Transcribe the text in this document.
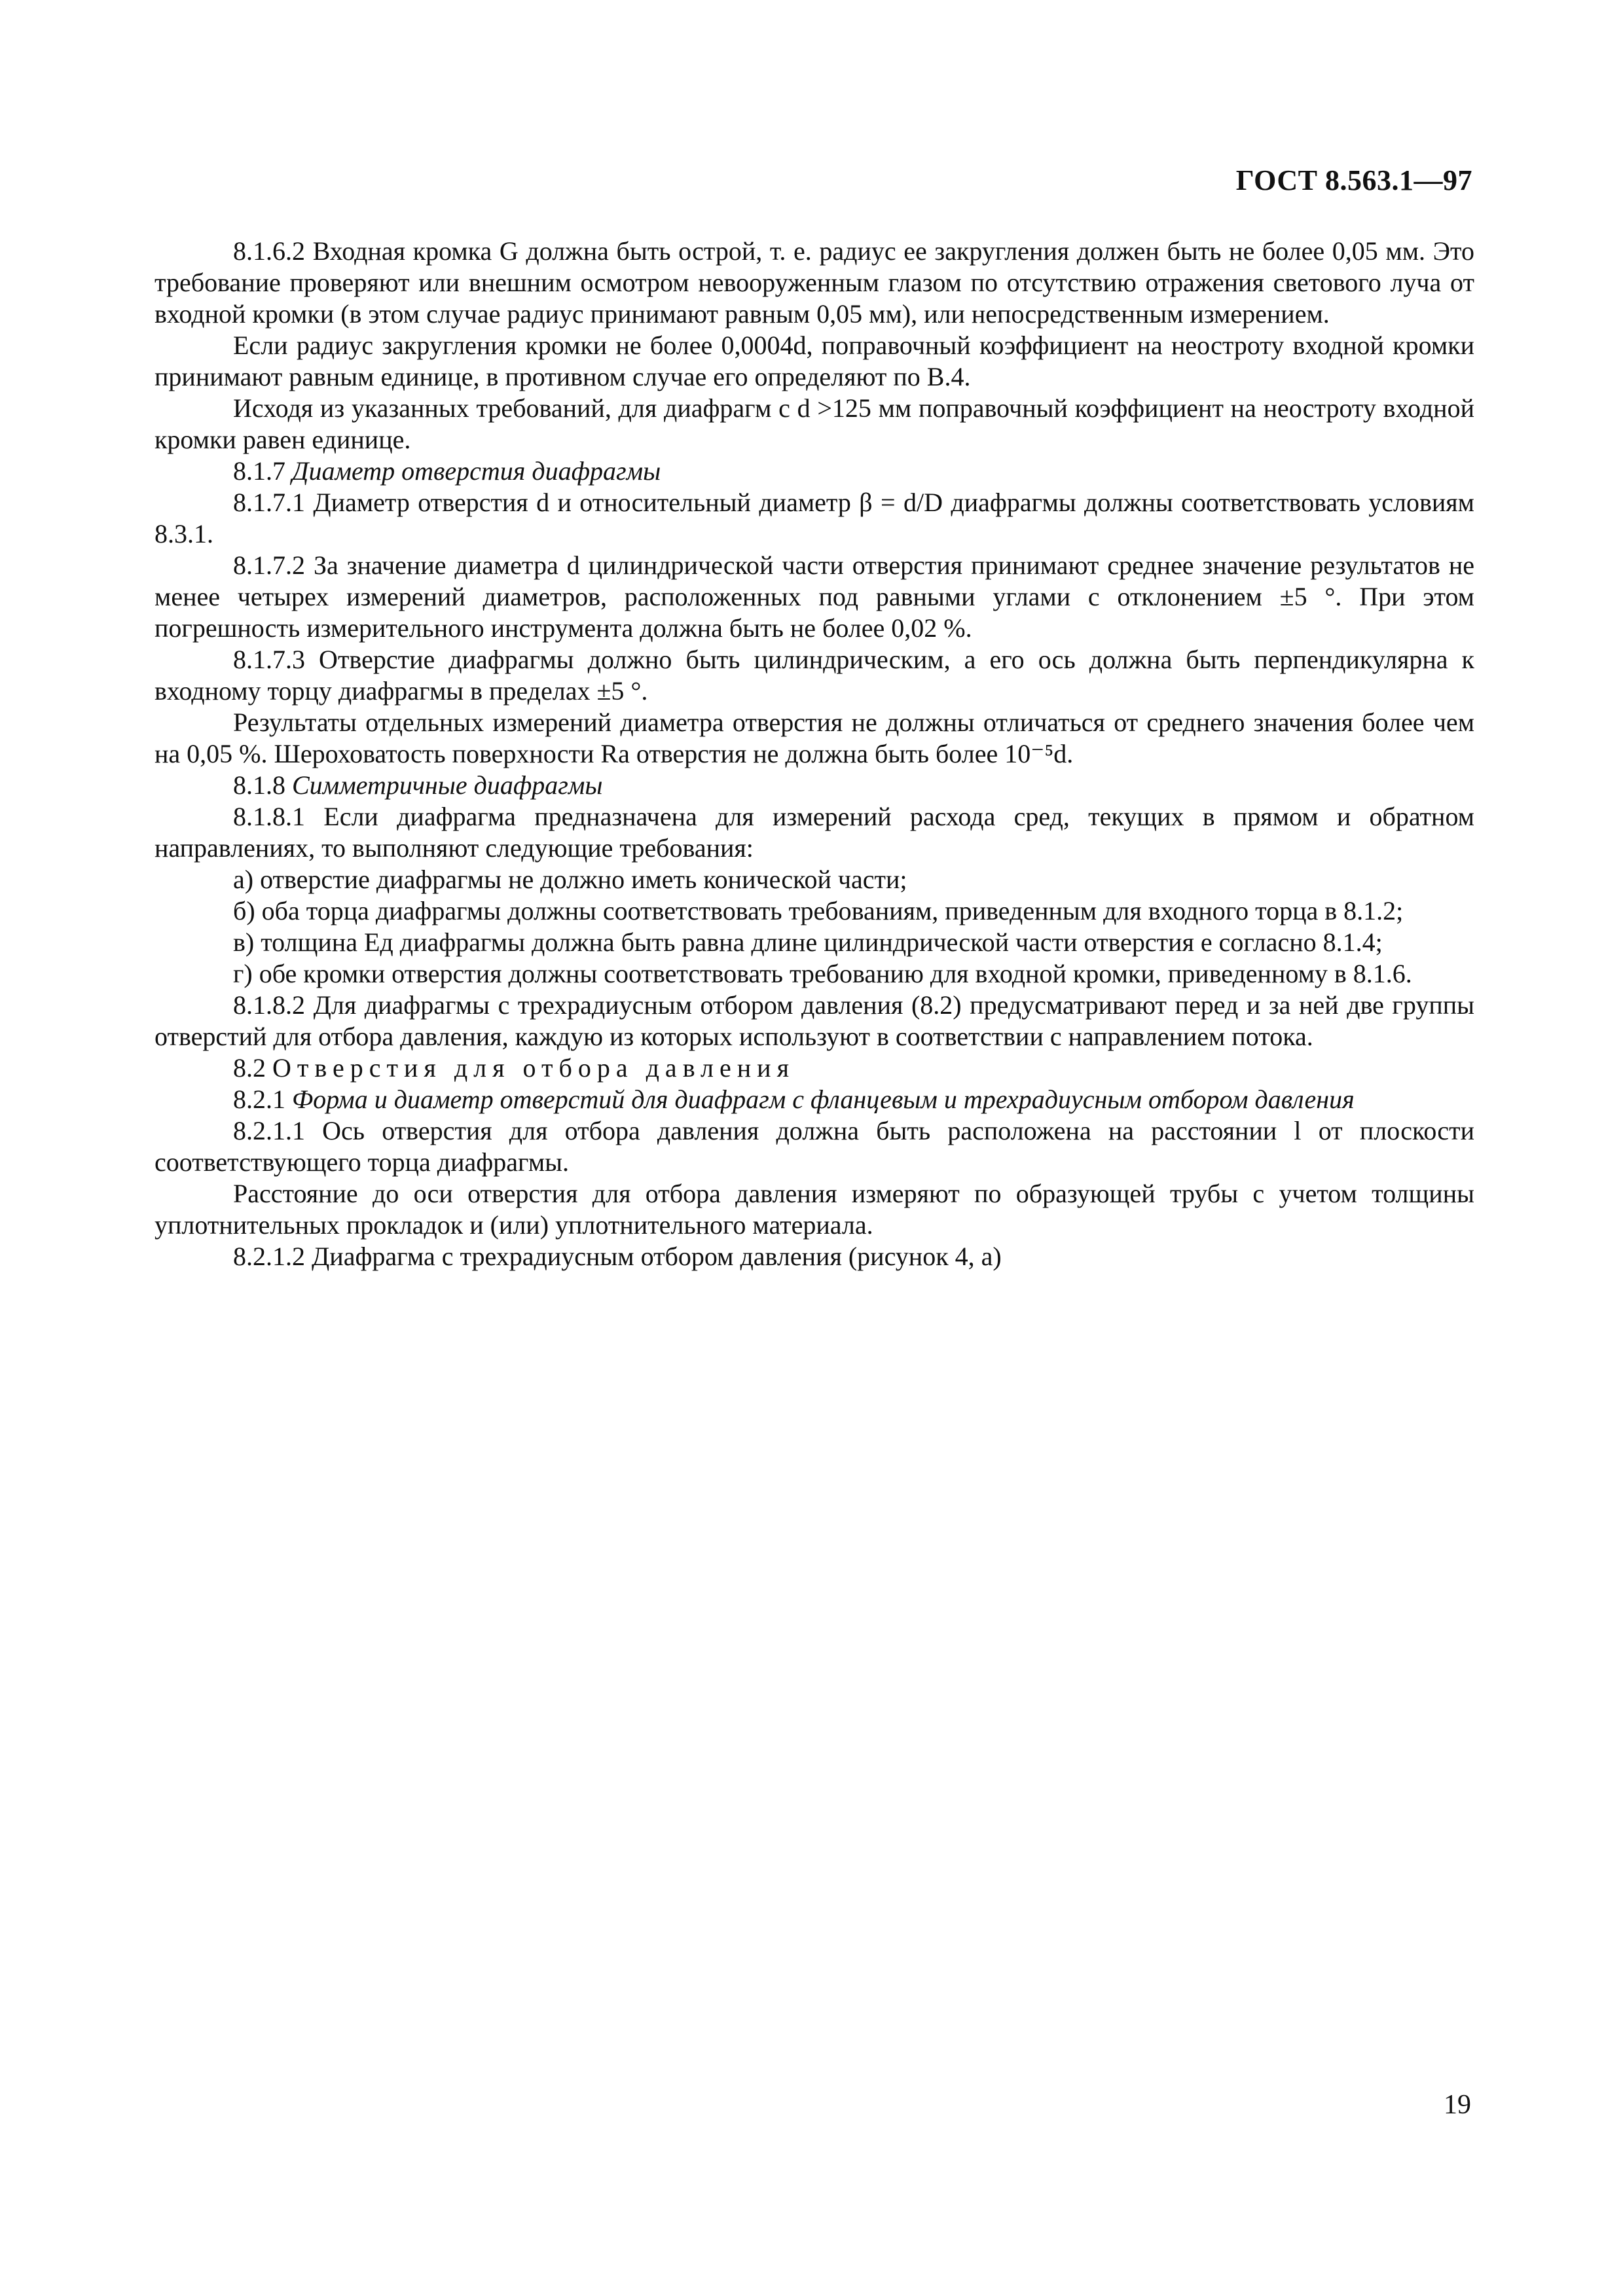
ГОСТ 8.563.1—97

8.1.6.2 Входная кромка G должна быть острой, т. е. радиус ее закругления должен быть не более 0,05 мм. Это требование проверяют или внешним осмотром невооруженным глазом по отсутствию отражения светового луча от входной кромки (в этом случае радиус принимают равным 0,05 мм), или непосредственным измерением.

Если радиус закругления кромки не более 0,0004d, поправочный коэффициент на неостроту входной кромки принимают равным единице, в противном случае его определяют по В.4.

Исходя из указанных требований, для диафрагм с d >125 мм поправочный коэффициент на неостроту входной кромки равен единице.

8.1.7 Диаметр отверстия диафрагмы

8.1.7.1 Диаметр отверстия d и относительный диаметр β = d/D диафрагмы должны соответствовать условиям 8.3.1.

8.1.7.2 За значение диаметра d цилиндрической части отверстия принимают среднее значение результатов не менее четырех измерений диаметров, расположенных под равными углами с отклонением ±5 °. При этом погрешность измерительного инструмента должна быть не более 0,02 %.

8.1.7.3 Отверстие диафрагмы должно быть цилиндрическим, а его ось должна быть перпендикулярна к входному торцу диафрагмы в пределах ±5 °.

Результаты отдельных измерений диаметра отверстия не должны отличаться от среднего значения более чем на 0,05 %. Шероховатость поверхности Ra отверстия не должна быть более 10⁻⁵d.

8.1.8 Симметричные диафрагмы

8.1.8.1 Если диафрагма предназначена для измерений расхода сред, текущих в прямом и обратном направлениях, то выполняют следующие требования:

а) отверстие диафрагмы не должно иметь конической части;

б) оба торца диафрагмы должны соответствовать требованиям, приведенным для входного торца в 8.1.2;

в) толщина Eд диафрагмы должна быть равна длине цилиндрической части отверстия e согласно 8.1.4;

г) обе кромки отверстия должны соответствовать требованию для входной кромки, приведенному в 8.1.6.

8.1.8.2 Для диафрагмы с трехрадиусным отбором давления (8.2) предусматривают перед и за ней две группы отверстий для отбора давления, каждую из которых используют в соответствии с направлением потока.

8.2 Отверстия для отбора давления

8.2.1 Форма и диаметр отверстий для диафрагм с фланцевым и трехрадиусным отбором давления

8.2.1.1 Ось отверстия для отбора давления должна быть расположена на расстоянии l от плоскости соответствующего торца диафрагмы.

Расстояние до оси отверстия для отбора давления измеряют по образующей трубы с учетом толщины уплотнительных прокладок и (или) уплотнительного материала.

8.2.1.2 Диафрагма с трехрадиусным отбором давления (рисунок 4, а)

19
